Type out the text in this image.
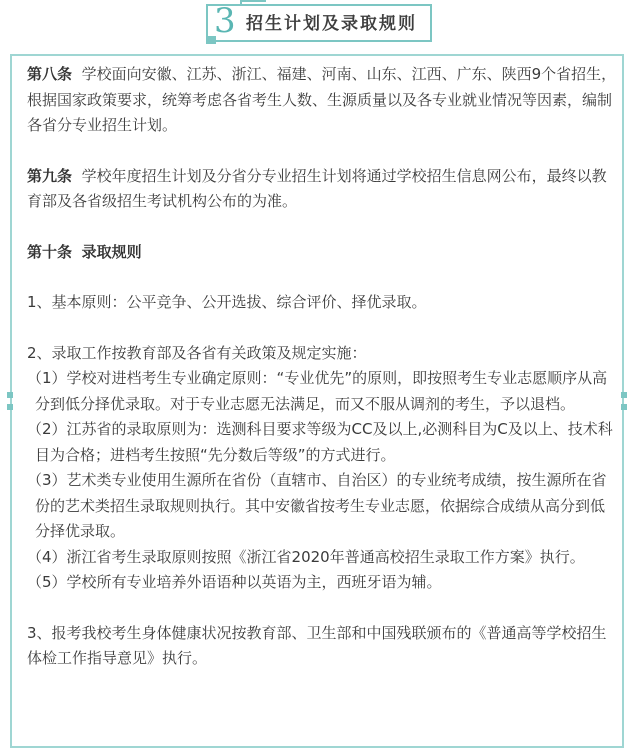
3 招生计划及录取规则

第八条 学校面向安徽、江苏、浙江、福建、河南、山东、江西、广东、陕西9个省招生，根据国家政策要求，统筹考虑各省考生人数、生源质量以及各专业就业情况等因素，编制各省分专业招生计划。

第九条 学校年度招生计划及分省分专业招生计划将通过学校招生信息网公布，最终以教育部及各省级招生考试机构公布的为准。

第十条 录取规则

1、基本原则：公平竞争、公开选拔、综合评价、择优录取。

2、录取工作按教育部及各省有关政策及规定实施：

（1）学校对进档考生专业确定原则：“专业优先”的原则，即按照考生专业志愿顺序从高分到低分择优录取。对于专业志愿无法满足，而又不服从调剂的考生，予以退档。

（2）江苏省的录取原则为：选测科目要求等级为CC及以上,必测科目为C及以上、技术科目为合格；进档考生按照“先分数后等级”的方式进行。

（3）艺术类专业使用生源所在省份（直辖市、自治区）的专业统考成绩，按生源所在省份的艺术类招生录取规则执行。其中安徽省按考生专业志愿，依据综合成绩从高分到低分择优录取。

（4）浙江省考生录取原则按照《浙江省2020年普通高校招生录取工作方案》执行。

（5）学校所有专业培养外语语种以英语为主，西班牙语为辅。

3、报考我校考生身体健康状况按教育部、卫生部和中国残联颁布的《普通高等学校招生体检工作指导意见》执行。
